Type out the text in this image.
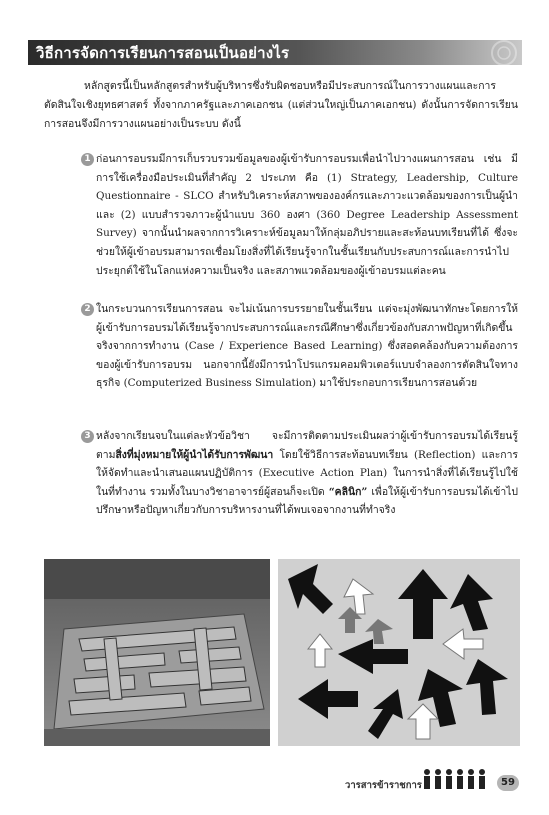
วิธีการจัดการเรียนการสอนเป็นอย่างไร

หลักสูตรนี้เป็นหลักสูตรสำหรับผู้บริหารซึ่งรับผิดชอบหรือมีประสบการณ์ในการวางแผนและการตัดสินใจเชิงยุทธศาสตร์ ทั้งจากภาครัฐและภาคเอกชน (แต่ส่วนใหญ่เป็นภาคเอกชน) ดังนั้นการจัดการเรียนการสอนจึงมีการวางแผนอย่างเป็นระบบ ดังนี้

1 ก่อนการอบรมมีการเก็บรวบรวมข้อมูลของผู้เข้ารับการอบรมเพื่อนำไปวางแผนการสอน เช่น มีการใช้เครื่องมือประเมินที่สำคัญ 2 ประเภท คือ (1) Strategy, Leadership, Culture Questionnaire - SLCO สำหรับวิเคราะห์สภาพขององค์กรและภาวะแวดล้อมของการเป็นผู้นำ และ (2) แบบสำรวจภาวะผู้นำแบบ 360 องศา (360 Degree Leadership Assessment Survey) จากนั้นนำผลจากการวิเคราะห์ข้อมูลมาให้กลุ่มอภิปรายและสะท้อนบทเรียนที่ได้ ซึ่งจะช่วยให้ผู้เข้าอบรมสามารถเชื่อมโยงสิ่งที่ได้เรียนรู้จากในชั้นเรียนกับประสบการณ์และการนำไปประยุกต์ใช้ในโลกแห่งความเป็นจริง และสภาพแวดล้อมของผู้เข้าอบรมแต่ละคน
2 ในกระบวนการเรียนการสอน จะไม่เน้นการบรรยายในชั้นเรียน แต่จะมุ่งพัฒนาทักษะโดยการให้ผู้เข้ารับการอบรมได้เรียนรู้จากประสบการณ์และกรณีศึกษาซึ่งเกี่ยวข้องกับสภาพปัญหาที่เกิดขึ้นจริงจากการทำงาน (Case / Experience Based Learning) ซึ่งสอดคล้องกับความต้องการของผู้เข้ารับการอบรม นอกจากนี้ยังมีการนำโปรแกรมคอมพิวเตอร์แบบจำลองการตัดสินใจทางธุรกิจ (Computerized Business Simulation) มาใช้ประกอบการเรียนการสอนด้วย
3 หลังจากเรียนจบในแต่ละหัวข้อวิชา จะมีการติดตามประเมินผลว่าผู้เข้ารับการอบรมได้เรียนรู้ตามสิ่งที่มุ่งหมายให้ผู้นำได้รับการพัฒนา โดยใช้วิธีการสะท้อนบทเรียน (Reflection) และการให้จัดทำและนำเสนอแผนปฏิบัติการ (Executive Action Plan) ในการนำสิ่งที่ได้เรียนรู้ไปใช้ในที่ทำงาน รวมทั้งในบางวิชาอาจารย์ผู้สอนก็จะเปิด “คลินิก” เพื่อให้ผู้เข้ารับการอบรมได้เข้าไปปรึกษาหรือปัญหาเกี่ยวกับการบริหารงานที่ได้พบเจอจากงานที่ทำจริง
วารสารข้าราชการ	59
